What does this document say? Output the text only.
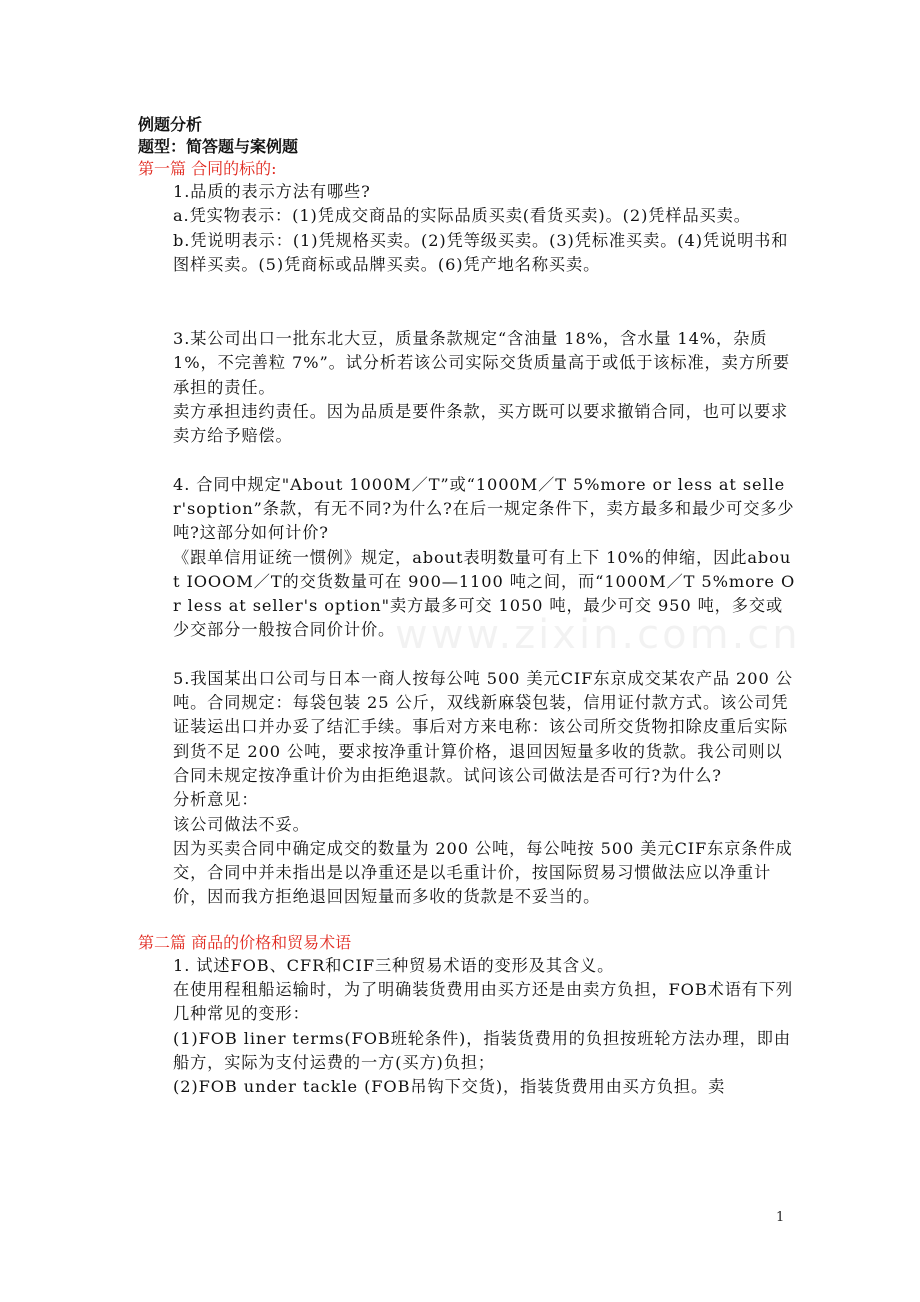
例题分析

题型：简答题与案例题

第一篇 合同的标的:

1.品质的表示方法有哪些?

a.凭实物表示：(1)凭成交商品的实际品质买卖(看货买卖)。(2)凭样品买卖。

b.凭说明表示：(1)凭规格买卖。(2)凭等级买卖。(3)凭标准买卖。(4)凭说明书和图样买卖。(5)凭商标或品牌买卖。(6)凭产地名称买卖。

3.某公司出口一批东北大豆，质量条款规定“含油量 18%，含水量 14%，杂质 1%，不完善粒 7%”。试分析若该公司实际交货质量高于或低于该标准，卖方所要承担的责任。

卖方承担违约责任。因为品质是要件条款，买方既可以要求撤销合同，也可以要求卖方给予赔偿。

4. 合同中规定"About 1000M／T”或“1000M／T 5%more or less at seller'soption”条款，有无不同?为什么?在后一规定条件下，卖方最多和最少可交多少吨?这部分如何计价?

《跟单信用证统一惯例》规定，about表明数量可有上下 10%的伸缩，因此about IOOOM／T的交货数量可在 900—1100 吨之间，而“1000M／T 5%more Or less at seller's option"卖方最多可交 1050 吨，最少可交 950 吨，多交或少交部分一般按合同价计价。

5.我国某出口公司与日本一商人按每公吨 500 美元CIF东京成交某农产品 200 公吨。合同规定：每袋包装 25 公斤，双线新麻袋包装，信用证付款方式。该公司凭证装运出口并办妥了结汇手续。事后对方来电称：该公司所交货物扣除皮重后实际到货不足 200 公吨，要求按净重计算价格，退回因短量多收的货款。我公司则以合同未规定按净重计价为由拒绝退款。试问该公司做法是否可行?为什么?

分析意见：

该公司做法不妥。

因为买卖合同中确定成交的数量为 200 公吨，每公吨按 500 美元CIF东京条件成交，合同中并未指出是以净重还是以毛重计价，按国际贸易习惯做法应以净重计价，因而我方拒绝退回因短量而多收的货款是不妥当的。

第二篇 商品的价格和贸易术语

1. 试述FOB、CFR和CIF三种贸易术语的变形及其含义。

在使用程租船运输时，为了明确装货费用由买方还是由卖方负担，FOB术语有下列几种常见的变形：

(1)FOB liner terms(FOB班轮条件)，指装货费用的负担按班轮方法办理，即由船方，实际为支付运费的一方(买方)负担；

(2)FOB under tackle (FOB吊钩下交货)，指装货费用由买方负担。卖

www.zixin.com.cn
1
